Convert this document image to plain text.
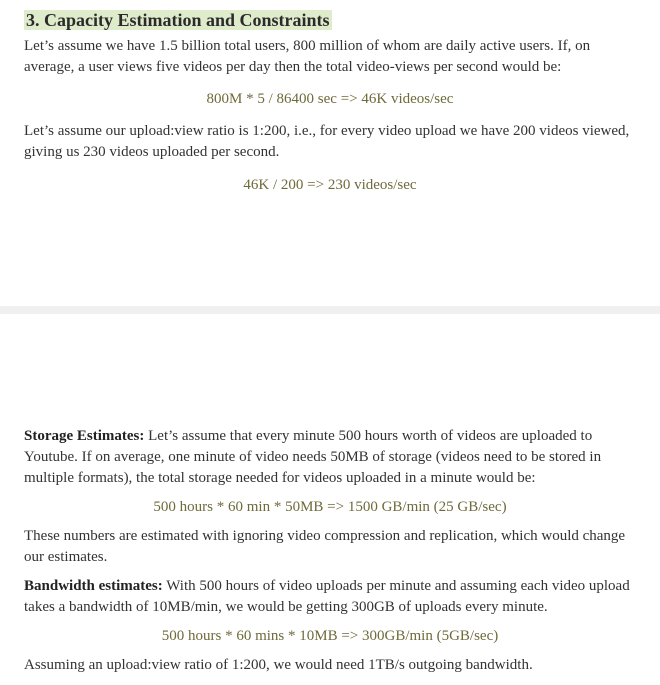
3. Capacity Estimation and Constraints

Let’s assume we have 1.5 billion total users, 800 million of whom are daily active users. If, on average, a user views five videos per day then the total video-views per second would be:

800M * 5 / 86400 sec => 46K videos/sec

Let’s assume our upload:view ratio is 1:200, i.e., for every video upload we have 200 videos viewed, giving us 230 videos uploaded per second.

46K / 200 => 230 videos/sec

Storage Estimates: Let’s assume that every minute 500 hours worth of videos are uploaded to Youtube. If on average, one minute of video needs 50MB of storage (videos need to be stored in multiple formats), the total storage needed for videos uploaded in a minute would be:

500 hours * 60 min * 50MB => 1500 GB/min (25 GB/sec)

These numbers are estimated with ignoring video compression and replication, which would change our estimates.

Bandwidth estimates: With 500 hours of video uploads per minute and assuming each video upload takes a bandwidth of 10MB/min, we would be getting 300GB of uploads every minute.

500 hours * 60 mins * 10MB => 300GB/min (5GB/sec)

Assuming an upload:view ratio of 1:200, we would need 1TB/s outgoing bandwidth.
